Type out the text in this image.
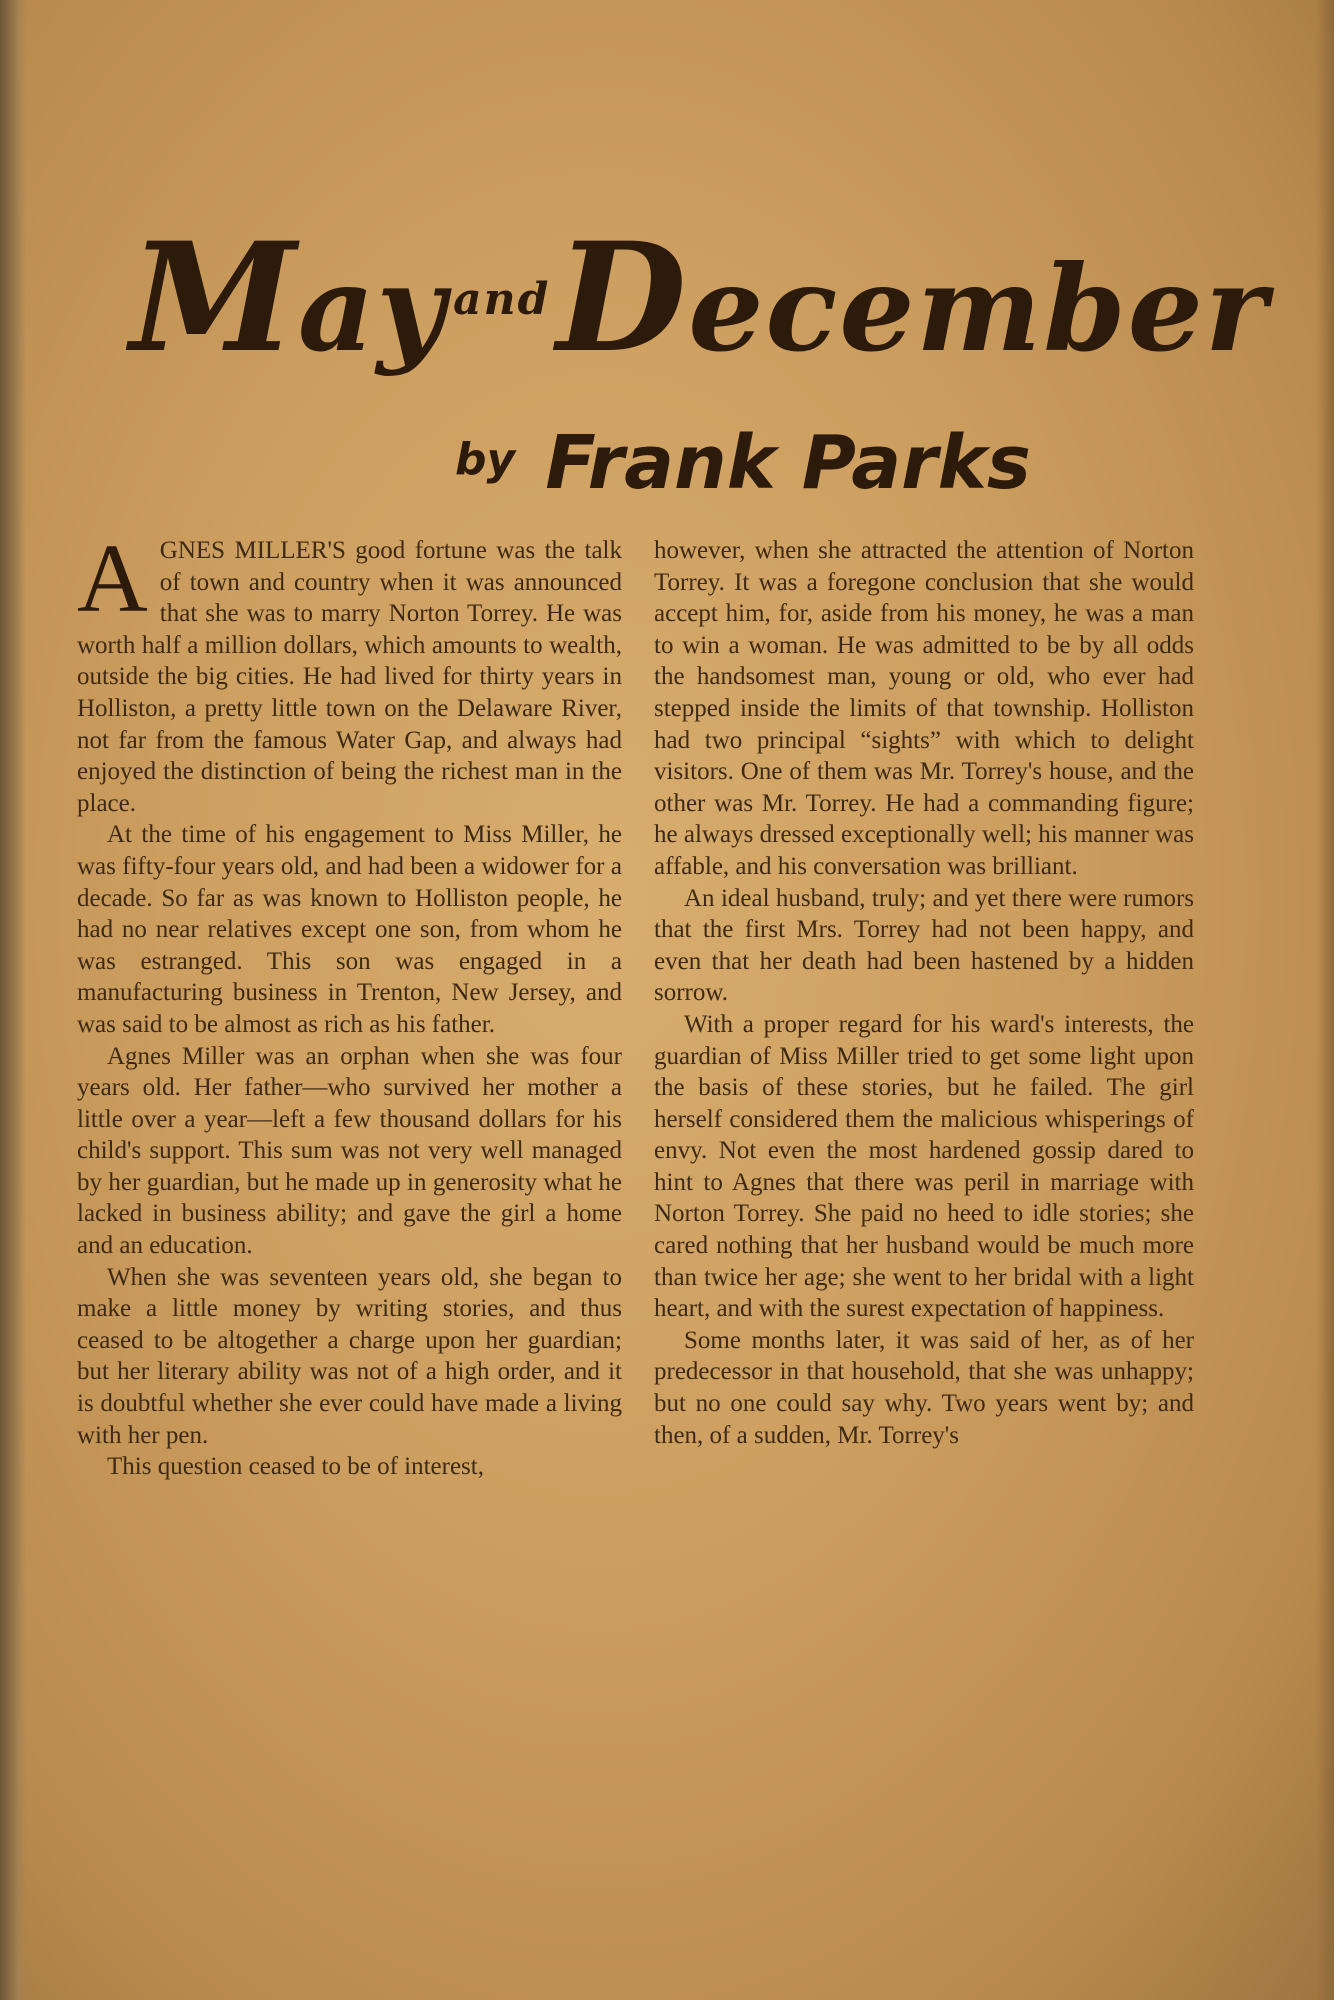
May $^{and}$December
by Frank Parks

AGNES MILLER'S good fortune was the talk of town and country when it was announced that she was to marry Norton Torrey. He was worth half a million dollars, which amounts to wealth, outside the big cities. He had lived for thirty years in Holliston, a pretty little town on the Delaware River, not far from the famous Water Gap, and always had enjoyed the distinction of being the richest man in the place.

At the time of his engagement to Miss Miller, he was fifty-four years old, and had been a widower for a decade. So far as was known to Holliston people, he had no near relatives except one son, from whom he was estranged. This son was engaged in a manufacturing business in Trenton, New Jersey, and was said to be almost as rich as his father.

Agnes Miller was an orphan when she was four years old. Her father—who survived her mother a little over a year—left a few thousand dollars for his child's support. This sum was not very well managed by her guardian, but he made up in generosity what he lacked in business ability; and gave the girl a home and an education.

When she was seventeen years old, she began to make a little money by writing stories, and thus ceased to be altogether a charge upon her guardian; but her literary ability was not of a high order, and it is doubtful whether she ever could have made a living with her pen.

This question ceased to be of interest,

however, when she attracted the attention of Norton Torrey. It was a foregone conclusion that she would accept him, for, aside from his money, he was a man to win a woman. He was admitted to be by all odds the handsomest man, young or old, who ever had stepped inside the limits of that township. Holliston had two principal “sights” with which to delight visitors. One of them was Mr. Torrey's house, and the other was Mr. Torrey. He had a commanding figure; he always dressed exceptionally well; his manner was affable, and his conversation was brilliant.

An ideal husband, truly; and yet there were rumors that the first Mrs. Torrey had not been happy, and even that her death had been hastened by a hidden sorrow.

With a proper regard for his ward's interests, the guardian of Miss Miller tried to get some light upon the basis of these stories, but he failed. The girl herself considered them the malicious whisperings of envy. Not even the most hardened gossip dared to hint to Agnes that there was peril in marriage with Norton Torrey. She paid no heed to idle stories; she cared nothing that her husband would be much more than twice her age; she went to her bridal with a light heart, and with the surest expectation of happiness.

Some months later, it was said of her, as of her predecessor in that household, that she was unhappy; but no one could say why. Two years went by; and then, of a sudden, Mr. Torrey's
